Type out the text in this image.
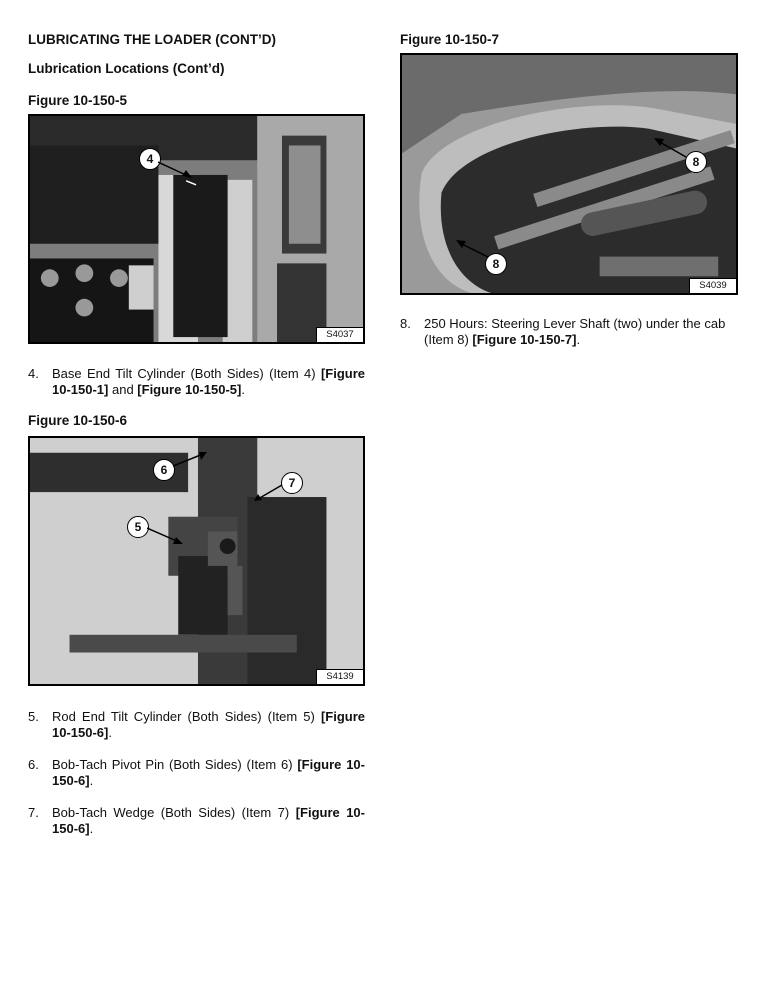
LUBRICATING THE LOADER (CONT’D)
Lubrication Locations (Cont’d)
Figure 10-150-5
4
S4037
4. Base End Tilt Cylinder (Both Sides) (Item 4) [Figure 10-150-1] and [Figure 10-150-5].
Figure 10-150-6
6
7
5
S4139
5. Rod End Tilt Cylinder (Both Sides) (Item 5) [Figure 10-150-6].
6. Bob-Tach Pivot Pin (Both Sides) (Item 6) [Figure 10-150-6].
7. Bob-Tach Wedge (Both Sides) (Item 7) [Figure 10-150-6].
Figure 10-150-7
8
8
S4039
8. 250 Hours: Steering Lever Shaft (two) under the cab (Item 8) [Figure 10-150-7].
